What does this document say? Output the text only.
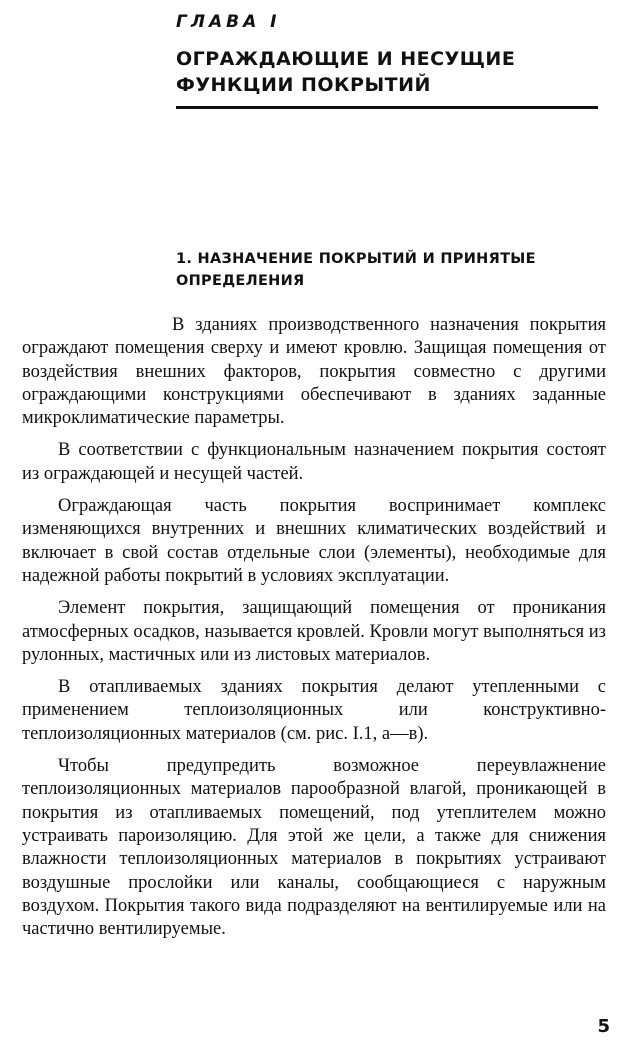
ГЛАВА I
ОГРАЖДАЮЩИЕ И НЕСУЩИЕ ФУНКЦИИ ПОКРЫТИЙ
1. НАЗНАЧЕНИЕ ПОКРЫТИЙ И ПРИНЯТЫЕ ОПРЕДЕЛЕНИЯ

В зданиях производственного назначения покрытия ограждают помещения сверху и имеют кровлю. Защищая помещения от воздействия внешних факторов, покрытия совместно с другими ограждающими конструкциями обеспечивают в зданиях заданные микроклиматические параметры.

В соответствии с функциональным назначением покрытия состоят из ограждающей и несущей частей.

Ограждающая часть покрытия воспринимает комплекс изменяющихся внутренних и внешних климатических воздействий и включает в свой состав отдельные слои (элементы), необходимые для надежной работы покрытий в условиях эксплуатации.

Элемент покрытия, защищающий помещения от проникания атмосферных осадков, называется кровлей. Кровли могут выполняться из рулонных, мастичных или из листовых материалов.

В отапливаемых зданиях покрытия делают утепленными с применением теплоизоляционных или конструктивно-теплоизоляционных материалов (см. рис. I.1, а—в).

Чтобы предупредить возможное переувлажнение теплоизоляционных материалов парообразной влагой, проникающей в покрытия из отапливаемых помещений, под утеплителем можно устраивать пароизоляцию. Для этой же цели, а также для снижения влажности теплоизоляционных материалов в покрытиях устраивают воздушные прослойки или каналы, сообщающиеся с наружным воздухом. Покрытия такого вида подразделяют на вентилируемые или на частично вентилируемые.

5
